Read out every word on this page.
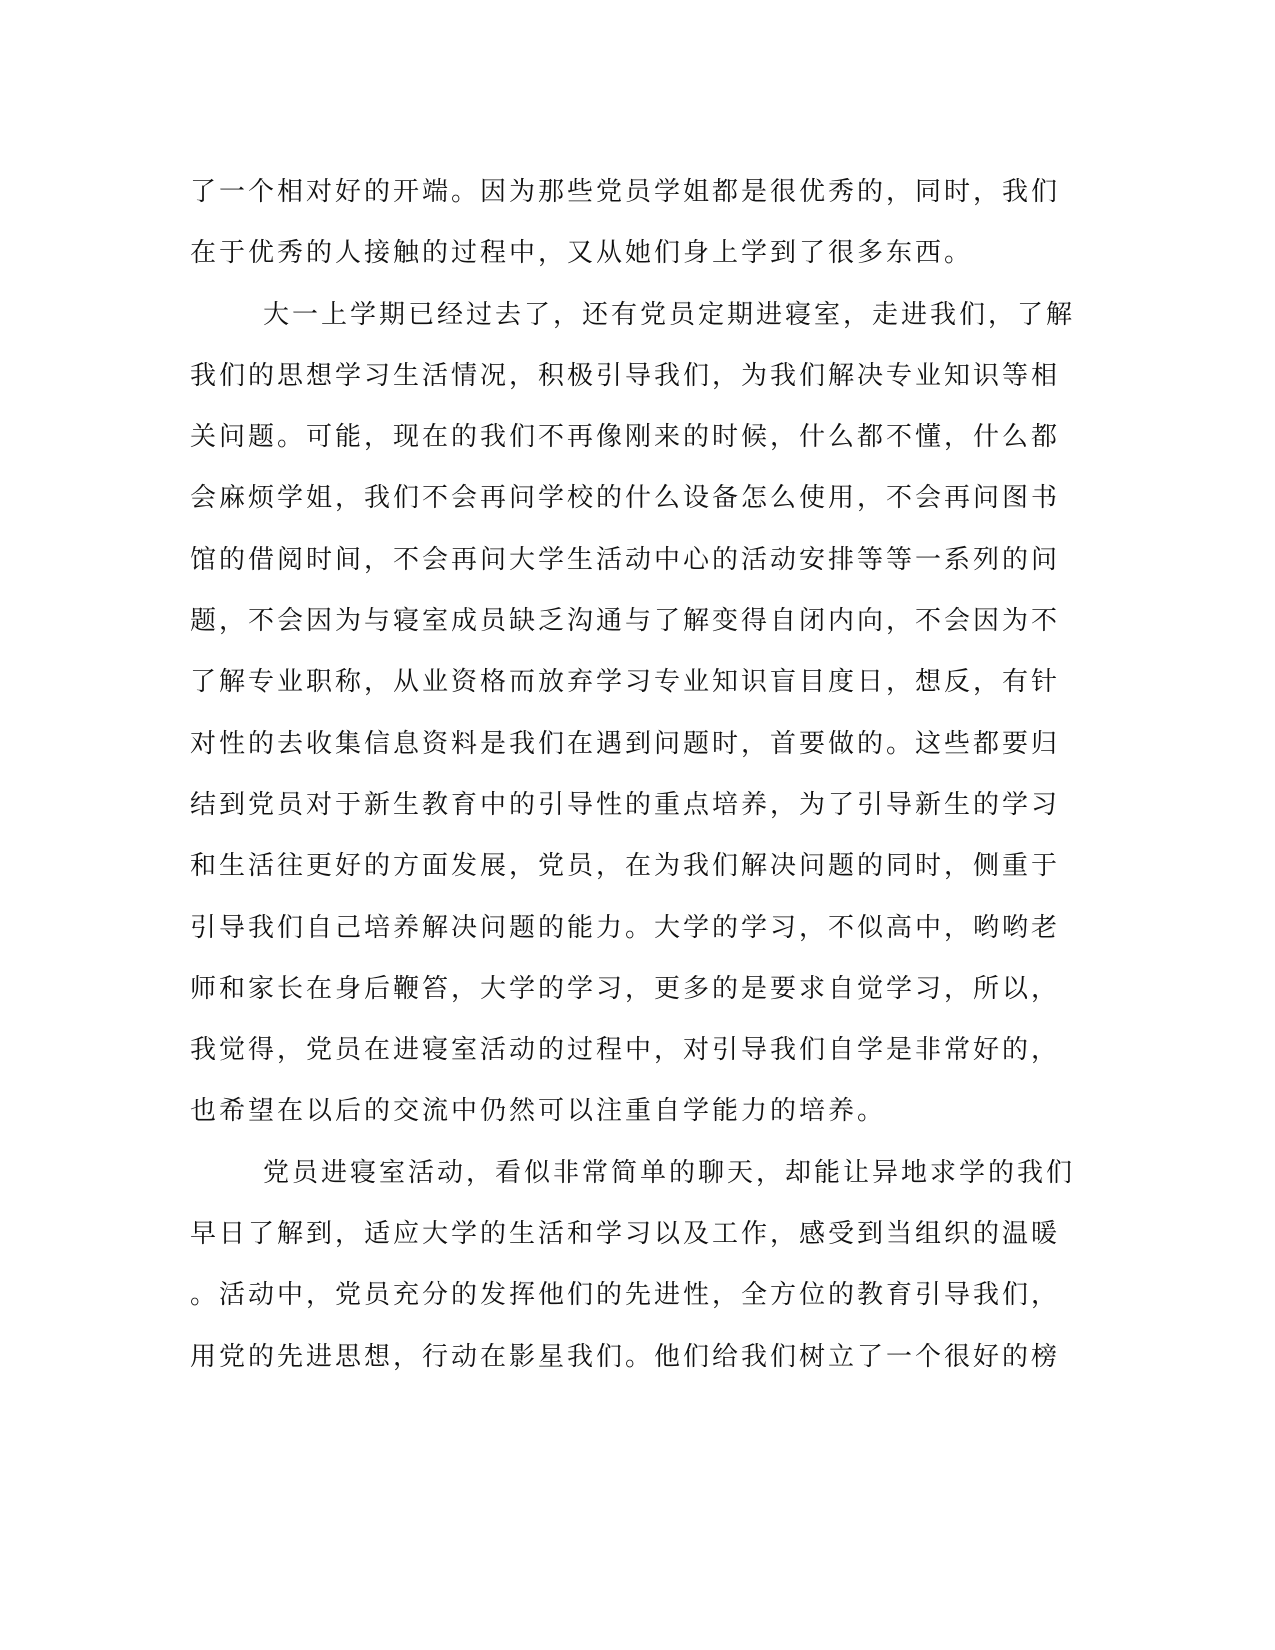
了一个相对好的开端。因为那些党员学姐都是很优秀的，同时，我们
在于优秀的人接触的过程中，又从她们身上学到了很多东西。
大一上学期已经过去了，还有党员定期进寝室，走进我们，了解
我们的思想学习生活情况，积极引导我们，为我们解决专业知识等相
关问题。可能，现在的我们不再像刚来的时候，什么都不懂，什么都
会麻烦学姐，我们不会再问学校的什么设备怎么使用，不会再问图书
馆的借阅时间，不会再问大学生活动中心的活动安排等等一系列的问
题，不会因为与寝室成员缺乏沟通与了解变得自闭内向，不会因为不
了解专业职称，从业资格而放弃学习专业知识盲目度日，想反，有针
对性的去收集信息资料是我们在遇到问题时，首要做的。这些都要归
结到党员对于新生教育中的引导性的重点培养，为了引导新生的学习
和生活往更好的方面发展，党员，在为我们解决问题的同时，侧重于
引导我们自己培养解决问题的能力。大学的学习，不似高中，哟哟老
师和家长在身后鞭笞，大学的学习，更多的是要求自觉学习，所以，
我觉得，党员在进寝室活动的过程中，对引导我们自学是非常好的，
也希望在以后的交流中仍然可以注重自学能力的培养。
党员进寝室活动，看似非常简单的聊天，却能让异地求学的我们
早日了解到，适应大学的生活和学习以及工作，感受到当组织的温暖
。活动中，党员充分的发挥他们的先进性，全方位的教育引导我们，
用党的先进思想，行动在影星我们。他们给我们树立了一个很好的榜
